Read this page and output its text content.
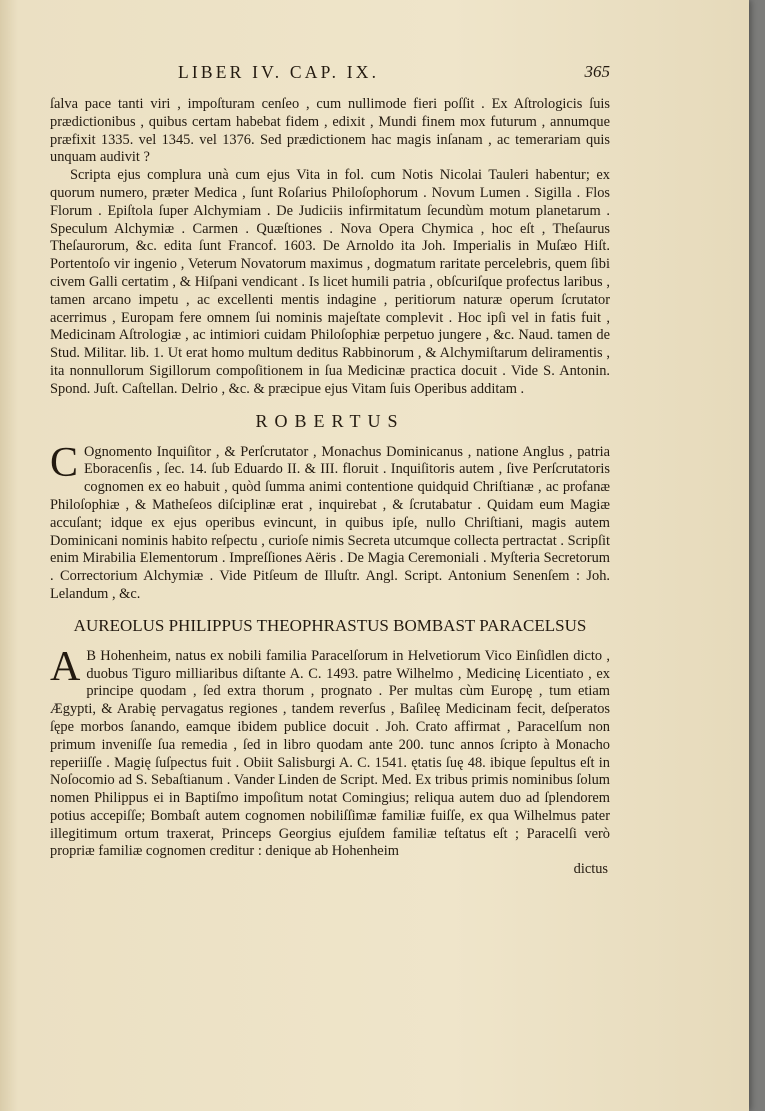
LIBER IV. CAP. IX.	365

ſalva pace tanti viri , impoſturam cenſeo , cum nullimode fieri poſſit . Ex Aſtrologicis ſuis prædictionibus , quibus certam habebat fidem , edixit , Mundi finem mox futurum , annumque præfixit 1335. vel 1345. vel 1376. Sed prædictionem hac magis inſanam , ac temerariam quis unquam audivit ?

Scripta ejus complura unà cum ejus Vita in fol. cum Notis Nicolai Tauleri habentur; ex quorum numero, præter Medica , ſunt Roſarius Philoſophorum . Novum Lumen . Sigilla . Flos Florum . Epiſtola ſuper Alchymiam . De Judiciis infirmitatum ſecundùm motum planetarum . Speculum Alchymiæ . Carmen . Quæſtiones . Nova Opera Chymica , hoc eſt , Theſaurus Theſaurorum, &c. edita ſunt Francof. 1603. De Arnoldo ita Joh. Imperialis in Muſæo Hiſt. Portentoſo vir ingenio , Veterum Novatorum maximus , dogmatum raritate percelebris, quem ſibi civem Galli certatim , & Hiſpani vendicant . Is licet humili patria , obſcuriſque profectus laribus , tamen arcano impetu , ac excellenti mentis indagine , peritiorum naturæ operum ſcrutator acerrimus , Europam fere omnem ſui nominis majeſtate complevit . Hoc ipſi vel in fatis fuit , Medicinam Aſtrologiæ , ac intimiori cuidam Philoſophiæ perpetuo jungere , &c. Naud. tamen de Stud. Militar. lib. 1. Ut erat homo multum deditus Rabbinorum , & Alchymiſtarum deliramentis , ita nonnullorum Sigillorum compoſitionem in ſua Medicinæ practica docuit . Vide S. Antonin. Spond. Juſt. Caſtellan. Delrio , &c. & præcipue ejus Vitam ſuis Operibus additam .

ROBERTUS
C Ognomento Inquiſitor , & Perſcrutator , Monachus Dominicanus , natione Anglus , patria Eboracenſis , ſec. 14. ſub Eduardo II. & III. floruit . Inquiſitoris autem , ſive Perſcrutatoris cognomen ex eo habuit , quòd ſumma animi contentione quidquid Chriſtianæ , ac profanæ Philoſophiæ , & Matheſeos diſciplinæ erat , inquirebat , & ſcrutabatur . Quidam eum Magiæ accuſant; idque ex ejus operibus evincunt, in quibus ipſe, nullo Chriſtiani, magis autem Dominicani nominis habito reſpectu , curioſe nimis Secreta utcumque collecta pertractat . Scripſit enim Mirabilia Elementorum . Impreſſiones Aëris . De Magia Ceremoniali . Myſteria Secretorum . Correctorium Alchymiæ . Vide Pitſeum de Illuſtr. Angl. Script. Antonium Senenſem : Joh. Lelandum , &c.

AUREOLUS PHILIPPUS THEOPHRASTUS BOMBAST PARACELSUS
A B Hohenheim, natus ex nobili familia Paracelſorum in Helvetiorum Vico Einſidlen dicto , duobus Tiguro milliaribus diſtante A. C. 1493. patre Wilhelmo , Medicinę Licentiato , ex principe quodam , ſed extra thorum , prognato . Per multas cùm Europę , tum etiam Ægypti, & Arabię pervagatus regiones , tandem reverſus , Baſileę Medicinam fecit, deſperatos ſępe morbos ſanando, eamque ibidem publice docuit . Joh. Crato affirmat , Paracelſum non primum inveniſſe ſua remedia , ſed in libro quodam ante 200. tunc annos ſcripto à Monacho reperiiſſe . Magię ſuſpectus fuit . Obiit Salisburgi A. C. 1541. ętatis ſuę 48. ibique ſepultus eſt in Noſocomio ad S. Sebaſtianum . Vander Linden de Script. Med. Ex tribus primis nominibus ſolum nomen Philippus ei in Baptiſmo impoſitum notat Comingius; reliqua autem duo ad ſplendorem potius accepiſſe; Bombaſt autem cognomen nobiliſſimæ familiæ fuiſſe, ex qua Wilhelmus pater illegitimum ortum traxerat, Princeps Georgius ejuſdem familiæ teſtatus eſt ; Paracelſi verò propriæ familiæ cognomen creditur : denique ab Hohenheim

dictus
